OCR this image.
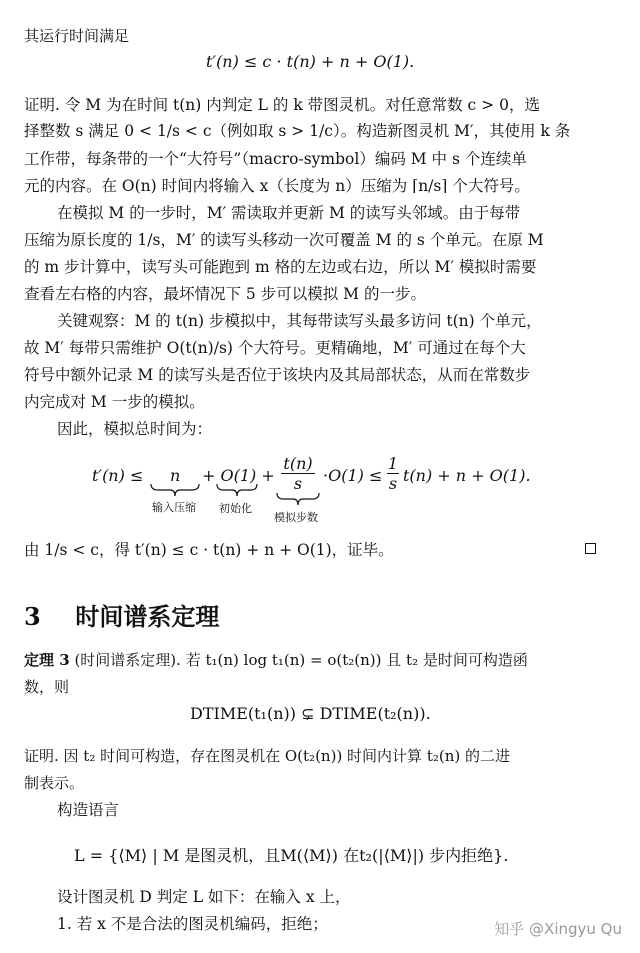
其运行时间满足
t′(n) ≤ c · t(n) + n + O(1).
证明. 令 M 为在时间 t(n) 内判定 L 的 k 带图灵机。对任意常数 c > 0，选
择整数 s 满足 0 < 1/s < c（例如取 s > 1/c）。构造新图灵机 M′，其使用 k 条
工作带，每条带的一个“大符号”（macro-symbol）编码 M 中 s 个连续单
元的内容。在 O(n) 时间内将输入 x（长度为 n）压缩为 ⌈n/s⌉ 个大符号。
在模拟 M 的一步时，M′ 需读取并更新 M 的读写头邻域。由于每带
压缩为原长度的 1/s，M′ 的读写头移动一次可覆盖 M 的 s 个单元。在原 M
的 m 步计算中，读写头可能跑到 m 格的左边或右边，所以 M′ 模拟时需要
查看左右格的内容，最坏情况下 5 步可以模拟 M 的一步。
关键观察：M 的 t(n) 步模拟中，其每带读写头最多访问 t(n) 个单元，
故 M′ 每带只需维护 O(t(n)/s) 个大符号。更精确地，M′ 可通过在每个大
符号中额外记录 M 的读写头是否位于该块内及其局部状态，从而在常数步
内完成对 M 一步的模拟。
因此，模拟总时间为：
t′(n) ≤ n + O(1) +
t(n)
s	·O(1) ≤
1
s t(n) + n + O(1).
输入压缩 初始化
模拟步数
由 1/s < c，得 t′(n) ≤ c · t(n) + n + O(1)，证毕。
3 时间谱系定理
定理 3 (时间谱系定理). 若 t₁(n) log t₁(n) = o(t₂(n)) 且 t₂ 是时间可构造函
数，则
DTIME(t₁(n)) ⊊ DTIME(t₂(n)).
证明. 因 t₂ 时间可构造，存在图灵机在 O(t₂(n)) 时间内计算 t₂(n) 的二进
制表示。
构造语言
L = {⟨M⟩ | M 是图灵机，且M(⟨M⟩) 在t₂(|⟨M⟩|) 步内拒绝}.
设计图灵机 D 判定 L 如下：在输入 x 上，
1. 若 x 不是合法的图灵机编码，拒绝；	知乎 @Xingyu Qu
